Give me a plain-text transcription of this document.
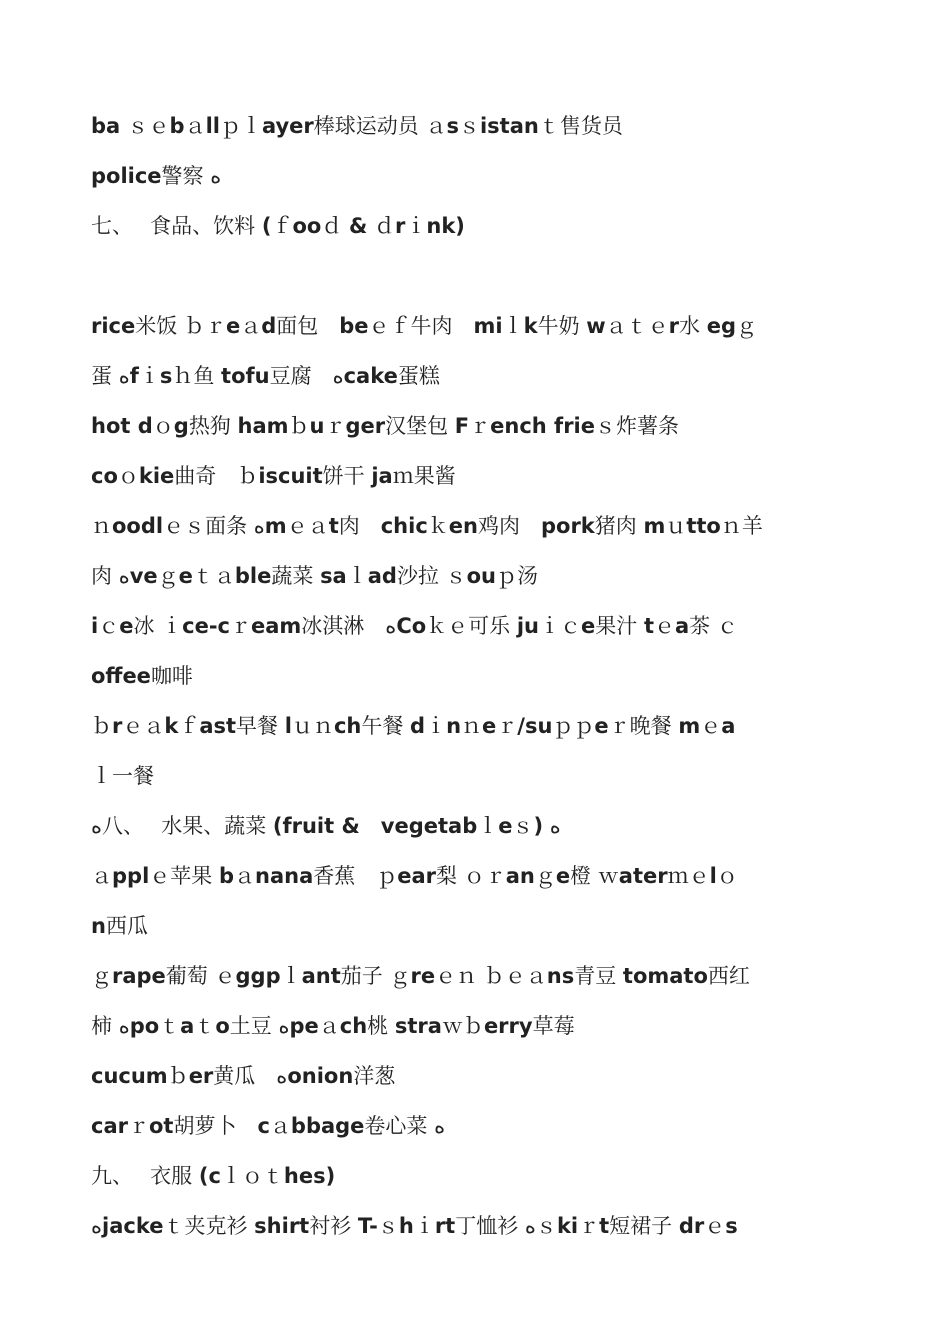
ba ｓｅbａllｐｌayer棒球运动员 ａsｓistanｔ售货员
police警察 ﻩ
七、　 食品、饮料 (ｆooｄ & ｄrｉnk)
rice米饭 ｂｒeａd面包　beｅｆ牛肉　miｌk牛奶 wａｔｅr水 egｇ
蛋 ﻩfｉsｈ鱼 tofu豆腐　ﻩcake蛋糕
hot dｏg热狗 hamｂuｒger汉堡包 Fｒench frieｓ炸薯条
coｏkie曲奇　ｂiscuit饼干 jaｍ果酱
ｎoodlｅｓ面条 ﻩmｅａt肉　chicｋen鸡肉　pork猪肉 mｕttoｎ羊
肉 ﻩveｇeｔａble蔬菜 saｌad沙拉 ｓouｐ汤
iｃe冰 ｉce-cｒeam冰淇淋　ﻩCoｋｅ可乐 juｉｃe果汁 tｅa茶 ｃ
offee咖啡
ｂrｅａkｆast早餐 lｕｎch午餐 dｉnｎeｒ/suｐｐeｒ晚餐 mｅa
ｌ一餐
ﻩ八、　 水果、蔬菜 (fruit &　vegetabｌeｓ) ﻩ
ａpplｅ苹果 bａnana香蕉　ｐear梨 ｏｒanｇe橙 ｗaterｍｅlｏ
n西瓜
ｇrape葡萄 ｅggpｌant茄子 ｇreｅｎ ｂｅａns青豆 tomato西红
柿 ﻩpoｔaｔo土豆 ﻩpeａch桃 straｗｂerry草莓
cucumｂer黄瓜　ﻩonion洋葱
carｒot胡萝卜　cａbbage卷心菜 ﻩ
九、　 衣服 (cｌｏｔhes)
ﻩjackeｔ夹克衫 shirt衬衫 T-ｓhｉrt丁恤衫 ﻩｓkiｒt短裙子 drｅs
